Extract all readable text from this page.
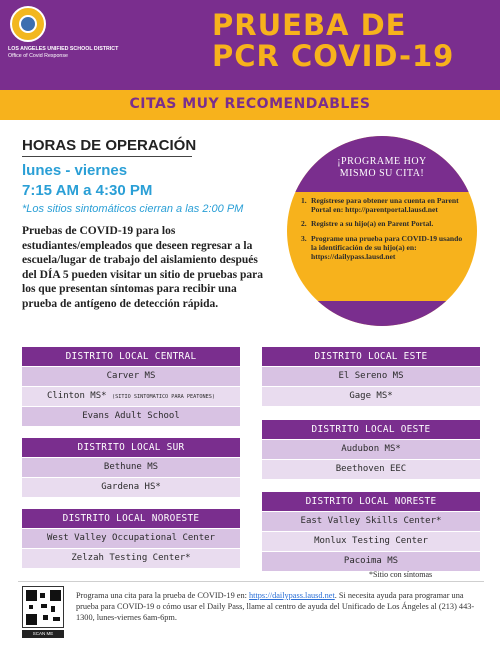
LOS ANGELES UNIFIED SCHOOL DISTRICT
Office of Covid Response
PRUEBA DE
PCR COVID-19
CITAS MUY RECOMENDABLES
HORAS DE OPERACIÓN
lunes - viernes
7:15 AM a 4:30 PM
*Los sitios sintomáticos cierran a las 2:00 PM
Pruebas de COVID-19 para los estudiantes/empleados que deseen regresar a la escuela/lugar de trabajo del aislamiento después del DÍA 5 pueden visitar un sitio de pruebas para los que presentan síntomas para recibir una prueba de antígeno de detección rápida.
¡PROGRAME HOY
MISMO SU CITA!
1. Regístrese para obtener una cuenta en Parent Portal en: http://parentportal.lausd.net
2. Registre a su hijo(a) en Parent Portal.
3. Programe una prueba para COVID-19 usando la identificación de su hijo(a) en: https://dailypass.lausd.net
DISTRITO LOCAL CENTRAL
Carver MS
Clinton MS* (SITIO SINTOMATICO PARA PEATONES)
Evans Adult School
DISTRITO LOCAL SUR
Bethune MS
Gardena HS*
DISTRITO LOCAL NOROESTE
West Valley Occupational Center
Zelzah Testing Center*
DISTRITO LOCAL ESTE
El Sereno MS
Gage MS*
DISTRITO LOCAL OESTE
Audubon MS*
Beethoven EEC
DISTRITO LOCAL NORESTE
East Valley Skills Center*
Monlux Testing Center
Pacoima MS
*Sitio con síntomas
SCAN ME
Programa una cita para la prueba de COVID-19 en: https://dailypass.lausd.net. Si necesita ayuda para programar una prueba para COVID-19 o cómo usar el Daily Pass, llame al centro de ayuda del Unificado de Los Ángeles al (213) 443-1300, lunes-viernes 6am-6pm.
